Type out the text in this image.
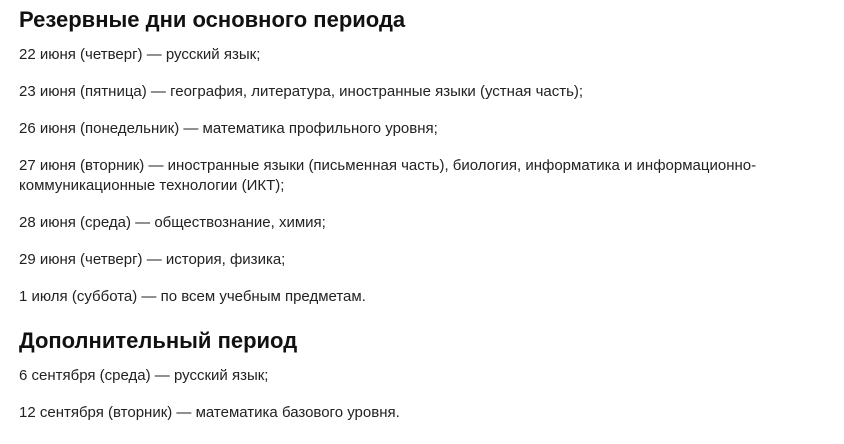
Резервные дни основного периода

22 июня (четверг) — русский язык;

23 июня (пятница) — география, литература, иностранные языки (устная часть);

26 июня (понедельник) — математика профильного уровня;

27 июня (вторник) — иностранные языки (письменная часть), биология, информатика и информационно-коммуникационные технологии (ИКТ);

28 июня (среда) — обществознание, химия;

29 июня (четверг) — история, физика;

1 июля (суббота) — по всем учебным предметам.

Дополнительный период

6 сентября (среда) — русский язык;

12 сентября (вторник) — математика базового уровня.
